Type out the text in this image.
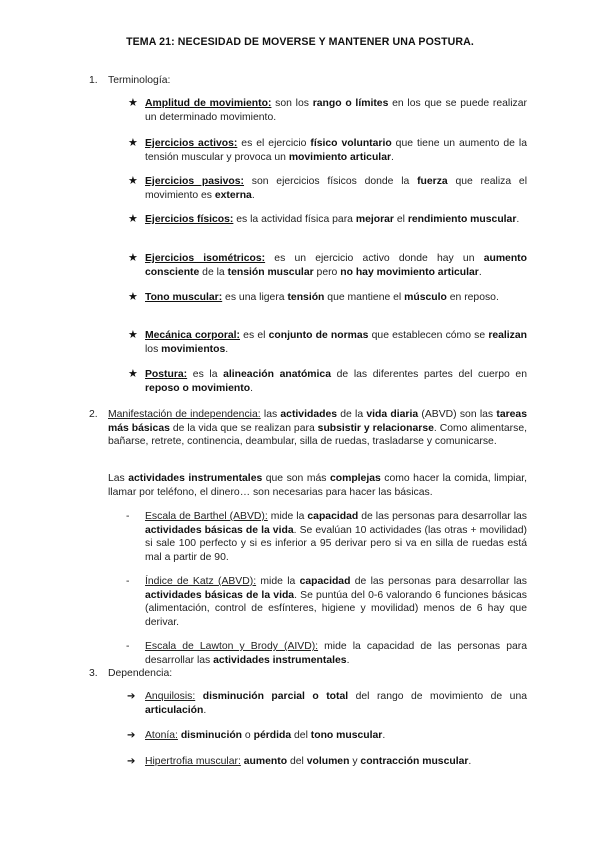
TEMA 21: NECESIDAD DE MOVERSE Y MANTENER UNA POSTURA.
1. Terminología:
★ Amplitud de movimiento: son los rango o límites en los que se puede realizar un determinado movimiento.
★ Ejercicios activos: es el ejercicio físico voluntario que tiene un aumento de la tensión muscular y provoca un movimiento articular.
★ Ejercicios pasivos: son ejercicios físicos donde la fuerza que realiza el movimiento es externa.
★ Ejercicios físicos: es la actividad física para mejorar el rendimiento muscular.
★ Ejercicios isométricos: es un ejercicio activo donde hay un aumento consciente de la tensión muscular pero no hay movimiento articular.
★ Tono muscular: es una ligera tensión que mantiene el músculo en reposo.
★ Mecánica corporal: es el conjunto de normas que establecen cómo se realizan los movimientos.
★ Postura: es la alineación anatómica de las diferentes partes del cuerpo en reposo o movimiento.
2. Manifestación de independencia: las actividades de la vida diaria (ABVD) son las tareas más básicas de la vida que se realizan para subsistir y relacionarse. Como alimentarse, bañarse, retrete, continencia, deambular, silla de ruedas, trasladarse y comunicarse.
Las actividades instrumentales que son más complejas como hacer la comida, limpiar, llamar por teléfono, el dinero… son necesarias para hacer las básicas.
- Escala de Barthel (ABVD): mide la capacidad de las personas para desarrollar las actividades básicas de la vida. Se evalúan 10 actividades (las otras + movilidad) si sale 100 perfecto y si es inferior a 95 derivar pero si va en silla de ruedas está mal a partir de 90.
- Índice de Katz (ABVD): mide la capacidad de las personas para desarrollar las actividades básicas de la vida. Se puntúa del 0-6 valorando 6 funciones básicas (alimentación, control de esfínteres, higiene y movilidad) menos de 6 hay que derivar.
- Escala de Lawton y Brody (AIVD): mide la capacidad de las personas para desarrollar las actividades instrumentales.
3. Dependencia:
➔ Anquilosis: disminución parcial o total del rango de movimiento de una articulación.
➔ Atonía: disminución o pérdida del tono muscular.
➔ Hipertrofia muscular: aumento del volumen y contracción muscular.
